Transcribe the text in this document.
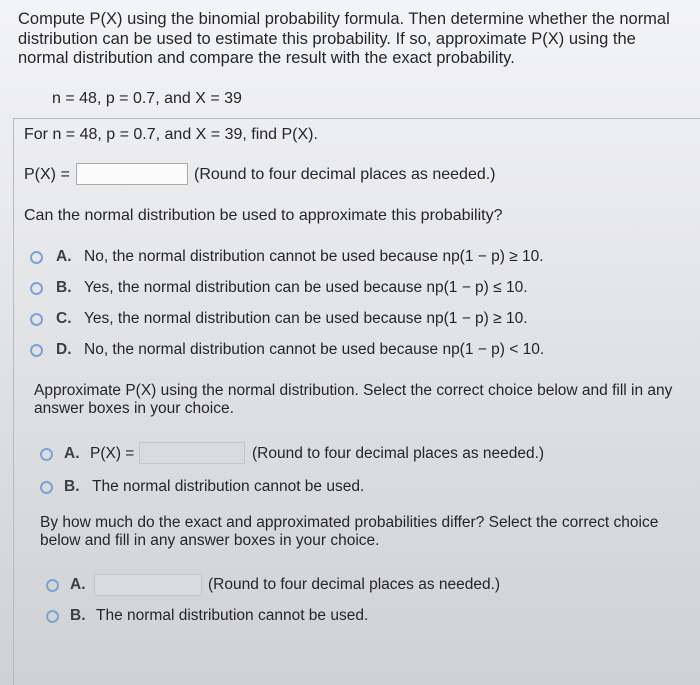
Compute P(X) using the binomial probability formula. Then determine whether the normal distribution can be used to estimate this probability. If so, approximate P(X) using the normal distribution and compare the result with the exact probability.
n = 48, p = 0.7, and X = 39
For n = 48, p = 0.7, and X = 39, find P(X).
P(X) =	(Round to four decimal places as needed.)
Can the normal distribution be used to approximate this probability?
A. No, the normal distribution cannot be used because np(1 − p) ≥ 10.
B. Yes, the normal distribution can be used because np(1 − p) ≤ 10.
C. Yes, the normal distribution can be used because np(1 − p) ≥ 10.
D. No, the normal distribution cannot be used because np(1 − p) < 10.
Approximate P(X) using the normal distribution. Select the correct choice below and fill in any answer boxes in your choice.
A. P(X) =	(Round to four decimal places as needed.)
B. The normal distribution cannot be used.
By how much do the exact and approximated probabilities differ? Select the correct choice below and fill in any answer boxes in your choice.
A.	(Round to four decimal places as needed.)
B. The normal distribution cannot be used.
